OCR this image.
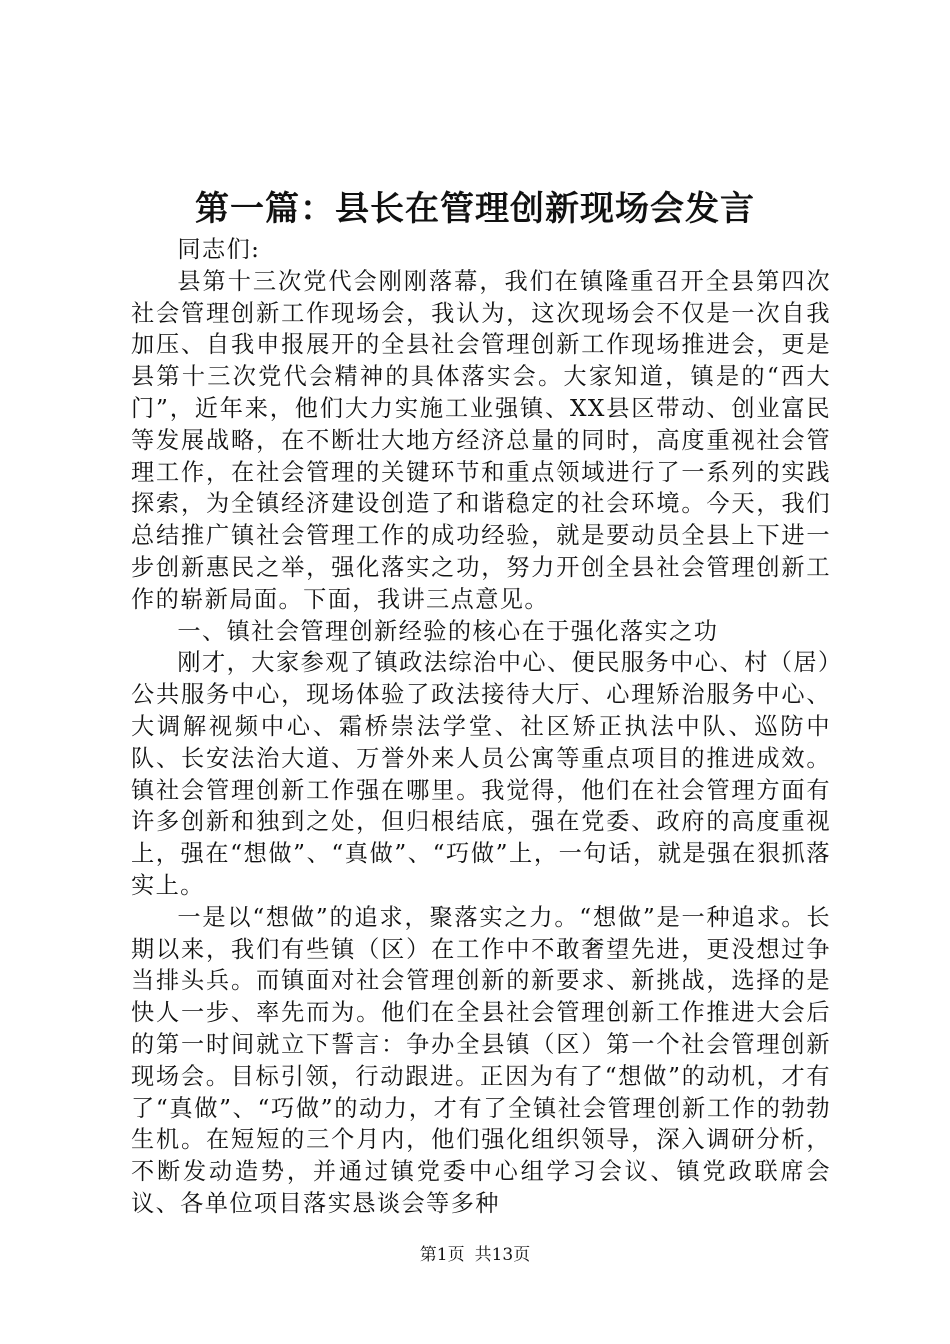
第一篇：县长在管理创新现场会发言

同志们:

县第十三次党代会刚刚落幕，我们在镇隆重召开全县第四次社会管理创新工作现场会，我认为，这次现场会不仅是一次自我加压、自我申报展开的全县社会管理创新工作现场推进会，更是县第十三次党代会精神的具体落实会。大家知道，镇是的“西大门”，近年来，他们大力实施工业强镇、XX县区带动、创业富民等发展战略，在不断壮大地方经济总量的同时，高度重视社会管理工作，在社会管理的关键环节和重点领域进行了一系列的实践探索，为全镇经济建设创造了和谐稳定的社会环境。今天，我们总结推广镇社会管理工作的成功经验，就是要动员全县上下进一步创新惠民之举，强化落实之功，努力开创全县社会管理创新工作的崭新局面。下面，我讲三点意见。

一、镇社会管理创新经验的核心在于强化落实之功

刚才，大家参观了镇政法综治中心、便民服务中心、村（居）公共服务中心，现场体验了政法接待大厅、心理矫治服务中心、大调解视频中心、霜桥崇法学堂、社区矫正执法中队、巡防中队、长安法治大道、万誉外来人员公寓等重点项目的推进成效。镇社会管理创新工作强在哪里。我觉得，他们在社会管理方面有许多创新和独到之处，但归根结底，强在党委、政府的高度重视上，强在“想做”、“真做”、“巧做”上，一句话，就是强在狠抓落实上。

一是以“想做”的追求，聚落实之力。“想做”是一种追求。长期以来，我们有些镇（区）在工作中不敢奢望先进，更没想过争当排头兵。而镇面对社会管理创新的新要求、新挑战，选择的是快人一步、率先而为。他们在全县社会管理创新工作推进大会后的第一时间就立下誓言：争办全县镇（区）第一个社会管理创新现场会。目标引领，行动跟进。正因为有了“想做”的动机，才有了“真做”、“巧做”的动力，才有了全镇社会管理创新工作的勃勃生机。在短短的三个月内，他们强化组织领导，深入调研分析，不断发动造势，并通过镇党委中心组学习会议、镇党政联席会议、各单位项目落实恳谈会等多种

第1页 共13页
